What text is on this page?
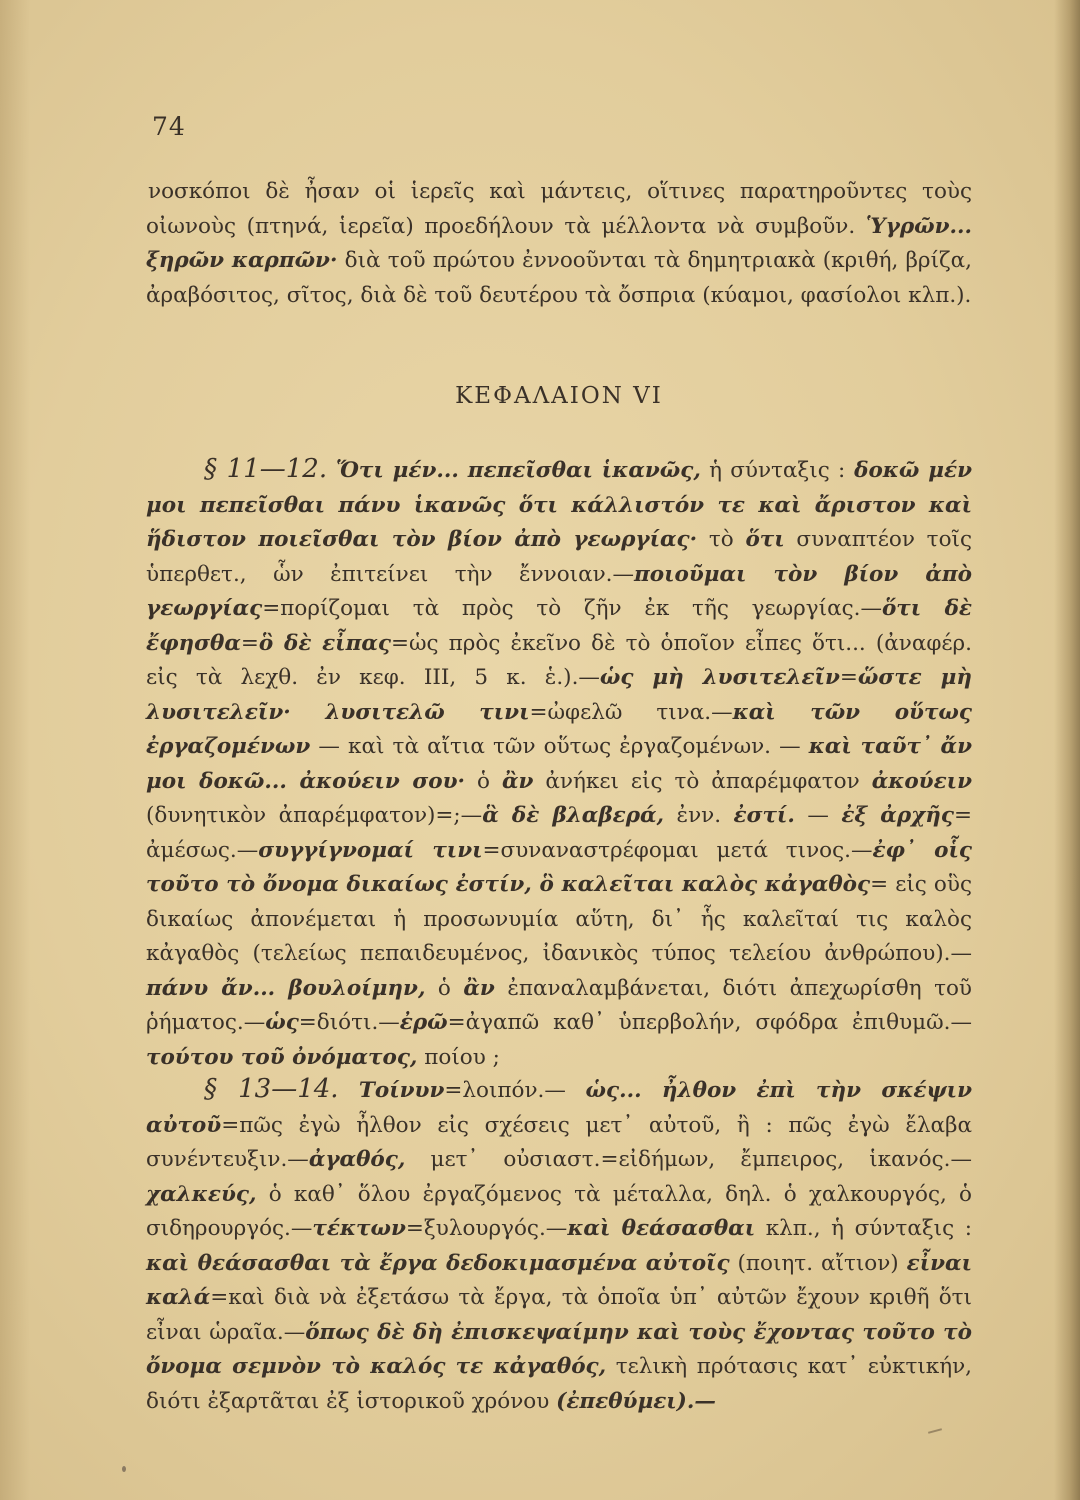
74

νοσκόποι δὲ ἦσαν οἱ ἱερεῖς καὶ μάντεις, οἵτινες παρατηροῦντες τοὺς οἰωνοὺς (πτηνά, ἱερεῖα) προεδήλουν τὰ μέλλοντα νὰ συμβοῦν. Ὑγρῶν... ξηρῶν καρπῶν· διὰ τοῦ πρώτου ἐννοοῦνται τὰ δημητριακὰ (κριθή, βρίζα, ἀραβόσιτος, σῖτος, διὰ δὲ τοῦ δευτέρου τὰ ὄσπρια (κύαμοι, φασίολοι κλπ.).

ΚΕΦΑΛΑΙΟΝ VI

§ 11—12. Ὅτι μέν... πεπεῖσθαι ἱκανῶς, ἡ σύνταξις : δοκῶ μέν μοι πεπεῖσθαι πάνυ ἱκανῶς ὅτι κάλλιστόν τε καὶ ἄριστον καὶ ἥδιστον ποιεῖσθαι τὸν βίον ἀπὸ γεωργίας· τὸ ὅτι συναπτέον τοῖς ὑπερθετ., ὧν ἐπιτείνει τὴν ἔννοιαν.—ποιοῦμαι τὸν βίον ἀπὸ γεωργίας=πορίζομαι τὰ πρὸς τὸ ζῆν ἐκ τῆς γεωργίας.—ὅτι δὲ ἔφησθα=ὃ δὲ εἶπας=ὡς πρὸς ἐκεῖνο δὲ τὸ ὁποῖον εἶπες ὅτι... (ἀναφέρ. εἰς τὰ λεχθ. ἐν κεφ. III, 5 κ. ἑ.).—ὡς μὴ λυσιτελεῖν=ὥστε μὴ λυσιτελεῖν· λυσιτελῶ τινι=ὠφελῶ τινα.—καὶ τῶν οὕτως ἐργαζομένων — καὶ τὰ αἴτια τῶν οὕτως ἐργαζομένων. — καὶ ταῦτ᾽ ἄν μοι δοκῶ... ἀκούειν σου· ὁ ἂν ἀνήκει εἰς τὸ ἀπαρέμφατον ἀκούειν (δυνητικὸν ἀπαρέμφατον)=;—ἃ δὲ βλαβερά, ἐνν. ἐστί. — ἐξ ἀρχῆς= ἀμέσως.—συγγίγνομαί τινι=συναναστρέφομαι μετά τινος.—ἐφ᾽ οἷς τοῦτο τὸ ὄνομα δικαίως ἐστίν, ὃ καλεῖται καλὸς κἀγαθὸς= εἰς οὓς δικαίως ἀπονέμεται ἡ προσωνυμία αὕτη, δι᾽ ἧς καλεῖταί τις καλὸς κἀγαθὸς (τελείως πεπαιδευμένος, ἰδανικὸς τύπος τελείου ἀνθρώπου).—πάνυ ἄν... βουλοίμην, ὁ ἂν ἐπαναλαμβάνεται, διότι ἀπεχωρίσθη τοῦ ῥήματος.—ὡς=διότι.—ἐρῶ=ἀγαπῶ καθ᾽ ὑπερβολήν, σφόδρα ἐπιθυμῶ.—τούτου τοῦ ὀνόματος, ποίου ;

§ 13—14. Τοίνυν=λοιπόν.— ὡς... ἦλθον ἐπὶ τὴν σκέψιν αὐτοῦ=πῶς ἐγὼ ἦλθον εἰς σχέσεις μετ᾽ αὐτοῦ, ἢ : πῶς ἐγὼ ἔλαβα συνέντευξιν.—ἀγαθός, μετ᾽ οὐσιαστ.=εἰδήμων, ἔμπειρος, ἱκανός.—χαλκεύς, ὁ καθ᾽ ὅλου ἐργαζόμενος τὰ μέταλλα, δηλ. ὁ χαλκουργός, ὁ σιδηρουργός.—τέκτων=ξυλουργός.—καὶ θεάσασθαι κλπ., ἡ σύνταξις : καὶ θεάσασθαι τὰ ἔργα δεδοκιμασμένα αὐτοῖς (ποιητ. αἴτιον) εἶναι καλά=καὶ διὰ νὰ ἐξετάσω τὰ ἔργα, τὰ ὁποῖα ὑπ᾽ αὐτῶν ἔχουν κριθῆ ὅτι εἶναι ὡραῖα.—ὅπως δὲ δὴ ἐπισκεψαίμην καὶ τοὺς ἔχοντας τοῦτο τὸ ὄνομα σεμνὸν τὸ καλός τε κἀγαθός, τελικὴ πρότασις κατ᾽ εὐκτικήν, διότι ἐξαρτᾶται ἐξ ἱστορικοῦ χρόνου (ἐπεθύμει).—
